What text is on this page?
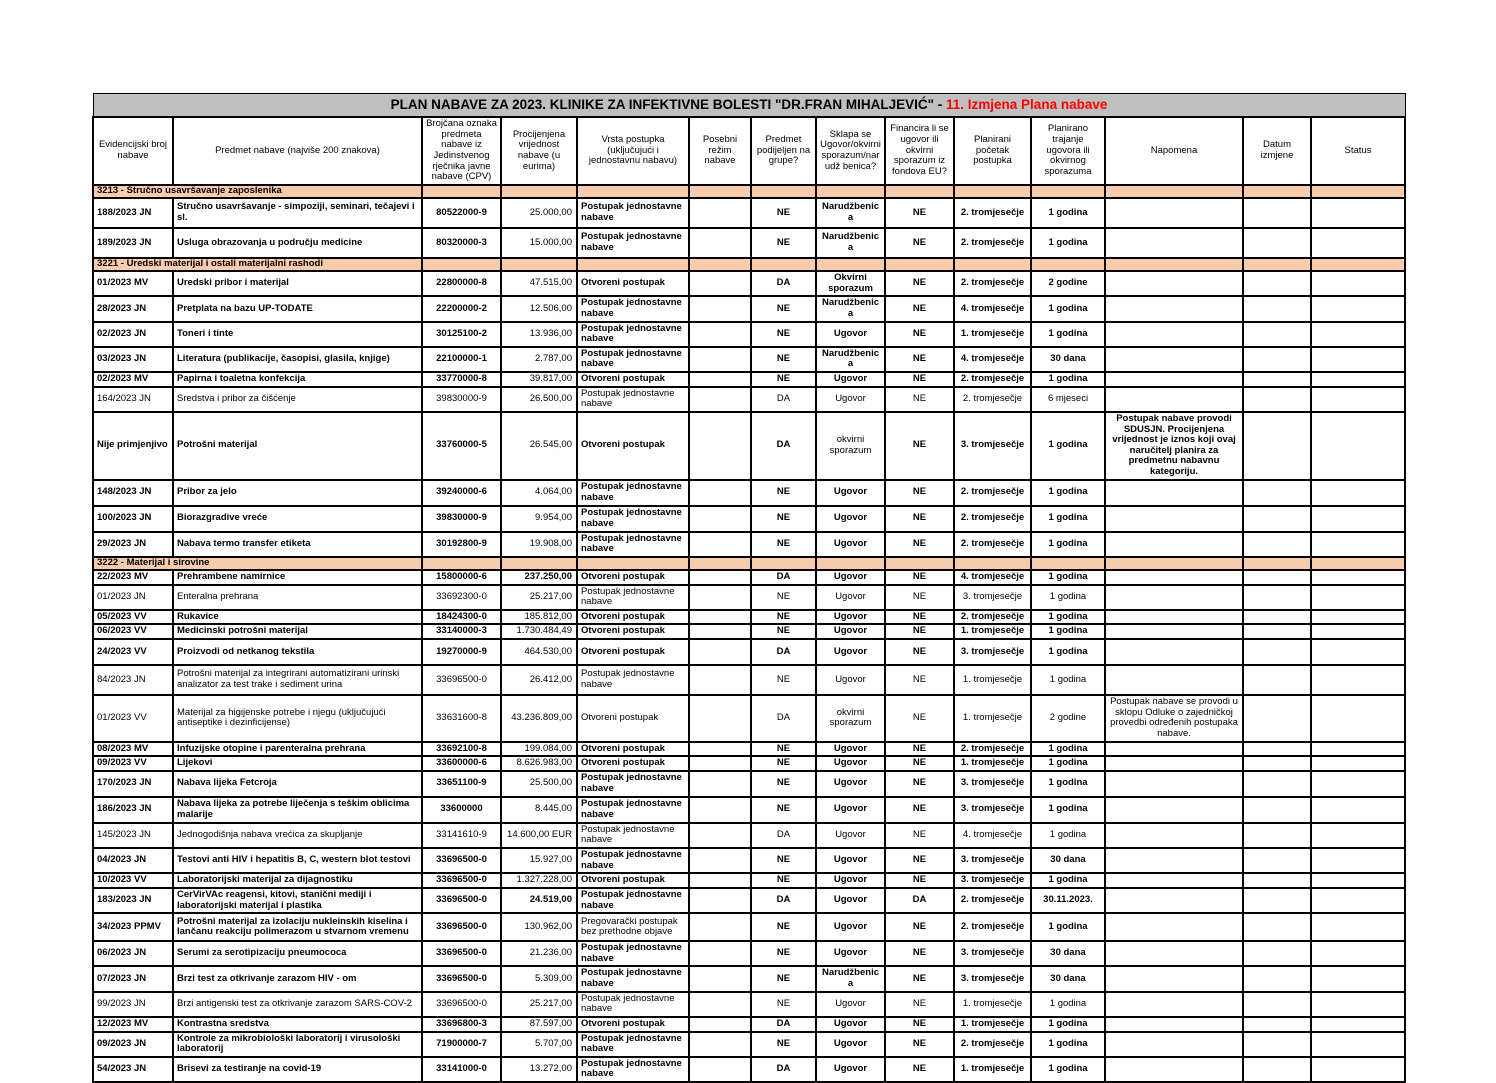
PLAN NABAVE ZA 2023. KLINIKE ZA INFEKTIVNE BOLESTI "DR.FRAN MIHALJEVIĆ" - 11. Izmjena Plana nabave													
Evidencijski broj nabave	Predmet nabave (najviše 200 znakova)	Brojčana oznaka predmeta nabave iz Jedinstvenog rječnika javne nabave (CPV)	Procijenjena vrijednost nabave (u eurima)	Vrsta postupka (uključujući i jednostavnu nabavu)	Posebni režim nabave	Predmet podijeljen na grupe?	Sklapa se Ugovor/okvirni sporazum/narudž benica?	Financira li se ugovor ili okvirni sporazum iz fondova EU?	Planirani početak postupka	Planirano trajanje ugovora ili okvirnog sporazuma	Napomena	Datum izmjene	Status
3213 - Stručno usavršavanje zaposlenika													
188/2023 JN	Stručno usavršavanje - simpoziji, seminari, tečajevi i sl.	80522000-9	25.000,00	Postupak jednostavne nabave		NE	Narudžbenica	NE	2. tromjesečje	1 godina			
189/2023 JN	Usluga obrazovanja u području medicine	80320000-3	15.000,00	Postupak jednostavne nabave		NE	Narudžbenica	NE	2. tromjesečje	1 godina			
3221 - Uredski materijal i ostali materijalni rashodi													
01/2023 MV	Uredski pribor i materijal	22800000-8	47.515,00	Otvoreni postupak		DA	Okvirni sporazum	NE	2. tromjesečje	2 godine			
28/2023 JN	Pretplata na bazu UP-TODATE	22200000-2	12.506,00	Postupak jednostavne nabave		NE	Narudžbenica	NE	4. tromjesečje	1 godina			
02/2023 JN	Toneri i tinte	30125100-2	13.936,00	Postupak jednostavne nabave		NE	Ugovor	NE	1. tromjesečje	1 godina			
03/2023 JN	Literatura (publikacije, časopisi, glasila, knjige)	22100000-1	2.787,00	Postupak jednostavne nabave		NE	Narudžbenica	NE	4. tromjesečje	30 dana			
02/2023 MV	Papirna i toaletna konfekcija	33770000-8	39.817,00	Otvoreni postupak		NE	Ugovor	NE	2. tromjesečje	1 godina			
164/2023 JN	Sredstva i pribor za čišćenje	39830000-9	26.500,00	Postupak jednostavne nabave		DA	Ugovor	NE	2. tromjesečje	6 mjeseci			
Nije primjenjivo	Potrošni materijal	33760000-5	26.545,00	Otvoreni postupak		DA	okvirni sporazum	NE	3. tromjesečje	1 godina	Postupak nabave provodi SDUSJN. Procijenjena vrijednost je iznos koji ovaj naručitelj planira za predmetnu nabavnu kategoriju.		
148/2023 JN	Pribor za jelo	39240000-6	4.064,00	Postupak jednostavne nabave		NE	Ugovor	NE	2. tromjesečje	1 godina			
100/2023 JN	Biorazgradive vreće	39830000-9	9.954,00	Postupak jednostavne nabave		NE	Ugovor	NE	2. tromjesečje	1 godina			
29/2023 JN	Nabava termo transfer etiketa	30192800-9	19.908,00	Postupak jednostavne nabave		NE	Ugovor	NE	2. tromjesečje	1 godina			
3222 - Materijal i sirovine													
22/2023 MV	Prehrambene namirnice	15800000-6	237.250,00	Otvoreni postupak		DA	Ugovor	NE	4. tromjesečje	1 godina			
01/2023 JN	Enteralna prehrana	33692300-0	25.217,00	Postupak jednostavne nabave		NE	Ugovor	NE	3. tromjesečje	1 godina			
05/2023 VV	Rukavice	18424300-0	185.812,00	Otvoreni postupak		NE	Ugovor	NE	2. tromjesečje	1 godina			
06/2023 VV	Medicinski potrošni materijal	33140000-3	1.730.484,49	Otvoreni postupak		NE	Ugovor	NE	1. tromjesečje	1 godina			
24/2023 VV	Proizvodi od netkanog tekstila	19270000-9	464.530,00	Otvoreni postupak		DA	Ugovor	NE	3. tromjesečje	1 godina			
84/2023 JN	Potrošni materijal za integrirani automatizirani urinski analizator za test trake i sediment urina	33696500-0	26.412,00	Postupak jednostavne nabave		NE	Ugovor	NE	1. tromjesečje	1 godina			
01/2023 VV	Materijal za higijenske potrebe i njegu (uključujući antiseptike i dezinficijense)	33631600-8	43.236.809,00	Otvoreni postupak		DA	okvirni sporazum	NE	1. tromjesečje	2 godine	Postupak nabave se provodi u sklopu Odluke o zajedničkoj provedbi određenih postupaka nabave.		
08/2023 MV	Infuzijske otopine i parenteralna prehrana	33692100-8	199.084,00	Otvoreni postupak		NE	Ugovor	NE	2. tromjesečje	1 godina			
09/2023 VV	Lijekovi	33600000-6	8.626.983,00	Otvoreni postupak		NE	Ugovor	NE	1. tromjesečje	1 godina			
170/2023 JN	Nabava lijeka Fetcroja	33651100-9	25.500,00	Postupak jednostavne nabave		NE	Ugovor	NE	3. tromjesečje	1 godina			
186/2023 JN	Nabava lijeka za potrebe liječenja s teškim oblicima malarije	33600000	8.445,00	Postupak jednostavne nabave		NE	Ugovor	NE	3. tromjesečje	1 godina			
145/2023 JN	Jednogodišnja nabava vrećica za skupljanje	33141610-9	14.600,00 EUR	Postupak jednostavne nabave		DA	Ugovor	NE	4. tromjesečje	1 godina			
04/2023 JN	Testovi anti HIV i hepatitis B, C, western blot testovi	33696500-0	15.927,00	Postupak jednostavne nabave		NE	Ugovor	NE	3. tromjesečje	30 dana			
10/2023 VV	Laboratorijski materijal za dijagnostiku	33696500-0	1.327.228,00	Otvoreni postupak		NE	Ugovor	NE	3. tromjesečje	1 godina			
183/2023 JN	CerVirVAc reagensi, kitovi, stanični mediji i laboratorijski materijal i plastika	33696500-0	24.519,00	Postupak jednostavne nabave		DA	Ugovor	DA	2. tromjesečje	30.11.2023.			
34/2023 PPMV	Potrošni materijal za izolaciju nukleinskih kiselina i lančanu reakciju polimerazom u stvarnom vremenu	33696500-0	130.962,00	Pregovarački postupak bez prethodne objave		NE	Ugovor	NE	2. tromjesečje	1 godina			
06/2023 JN	Serumi za serotipizaciju pneumococa	33696500-0	21.236,00	Postupak jednostavne nabave		NE	Ugovor	NE	3. tromjesečje	30 dana			
07/2023 JN	Brzi test za otkrivanje zarazom HIV - om	33696500-0	5.309,00	Postupak jednostavne nabave		NE	Narudžbenica	NE	3. tromjesečje	30 dana			
99/2023 JN	Brzi antigenski test za otkrivanje zarazom SARS-COV-2	33696500-0	25.217,00	Postupak jednostavne nabave		NE	Ugovor	NE	1. tromjesečje	1 godina			
12/2023 MV	Kontrastna sredstva	33696800-3	87.597,00	Otvoreni postupak		DA	Ugovor	NE	1. tromjesečje	1 godina			
09/2023 JN	Kontrole za mikrobiološki laboratorij i virusološki laboratorij	71900000-7	5.707,00	Postupak jednostavne nabave		NE	Ugovor	NE	2. tromjesečje	1 godina			
54/2023 JN	Brisevi za testiranje na covid-19	33141000-0	13.272,00	Postupak jednostavne nabave		DA	Ugovor	NE	1. tromjesečje	1 godina			
